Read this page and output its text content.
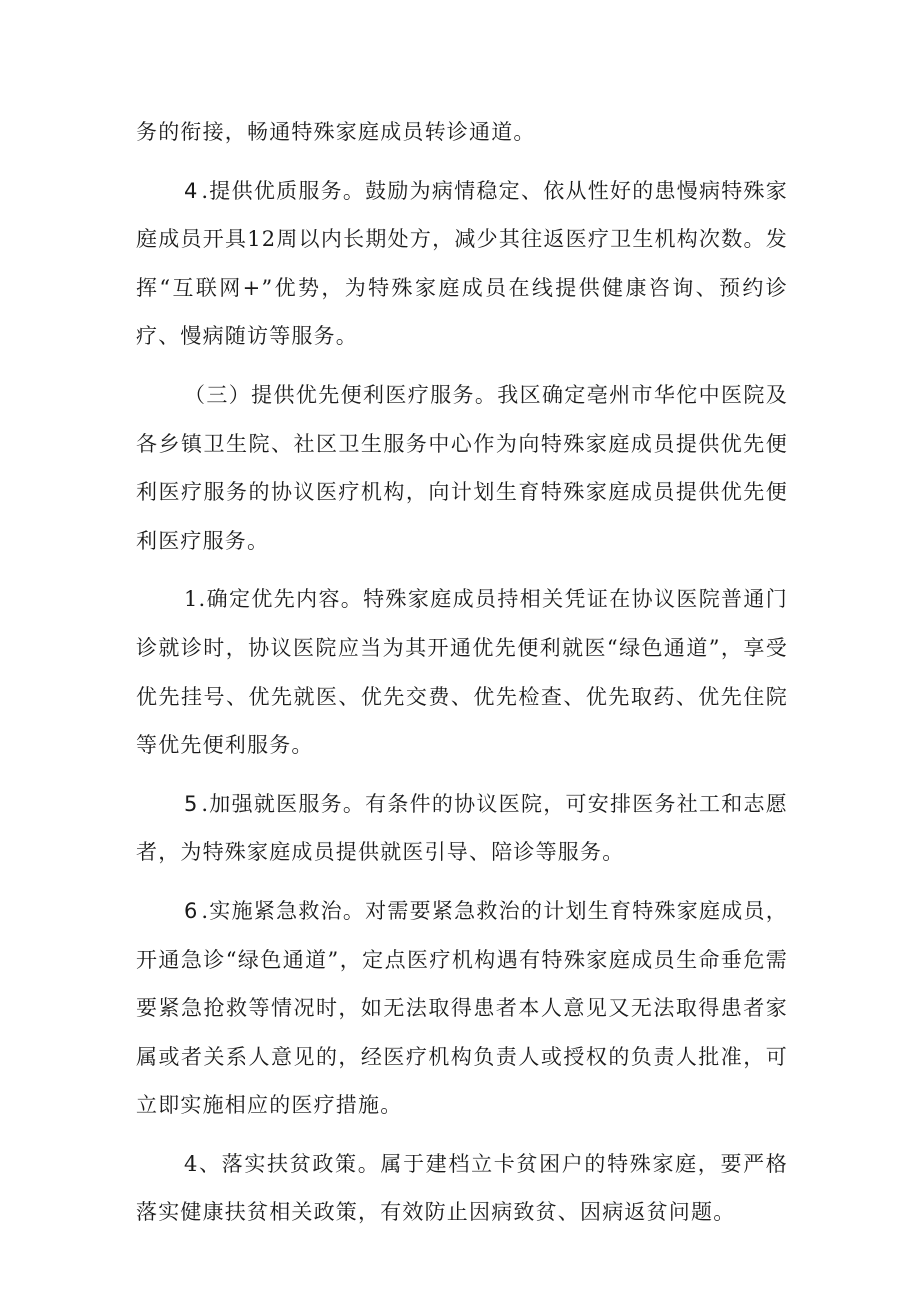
务的衔接，畅通特殊家庭成员转诊通道。

4.提供优质服务。鼓励为病情稳定、依从性好的患慢病特殊家庭成员开具12周以内长期处方，减少其往返医疗卫生机构次数。发挥“互联网+”优势，为特殊家庭成员在线提供健康咨询、预约诊疗、慢病随访等服务。

（三）提供优先便利医疗服务。我区确定亳州市华佗中医院及各乡镇卫生院、社区卫生服务中心作为向特殊家庭成员提供优先便利医疗服务的协议医疗机构，向计划生育特殊家庭成员提供优先便利医疗服务。

1.确定优先内容。特殊家庭成员持相关凭证在协议医院普通门诊就诊时，协议医院应当为其开通优先便利就医“绿色通道”，享受优先挂号、优先就医、优先交费、优先检查、优先取药、优先住院等优先便利服务。

5.加强就医服务。有条件的协议医院，可安排医务社工和志愿者，为特殊家庭成员提供就医引导、陪诊等服务。

6.实施紧急救治。对需要紧急救治的计划生育特殊家庭成员，开通急诊“绿色通道”，定点医疗机构遇有特殊家庭成员生命垂危需要紧急抢救等情况时，如无法取得患者本人意见又无法取得患者家属或者关系人意见的，经医疗机构负责人或授权的负责人批准，可立即实施相应的医疗措施。

4、落实扶贫政策。属于建档立卡贫困户的特殊家庭，要严格落实健康扶贫相关政策，有效防止因病致贫、因病返贫问题。
